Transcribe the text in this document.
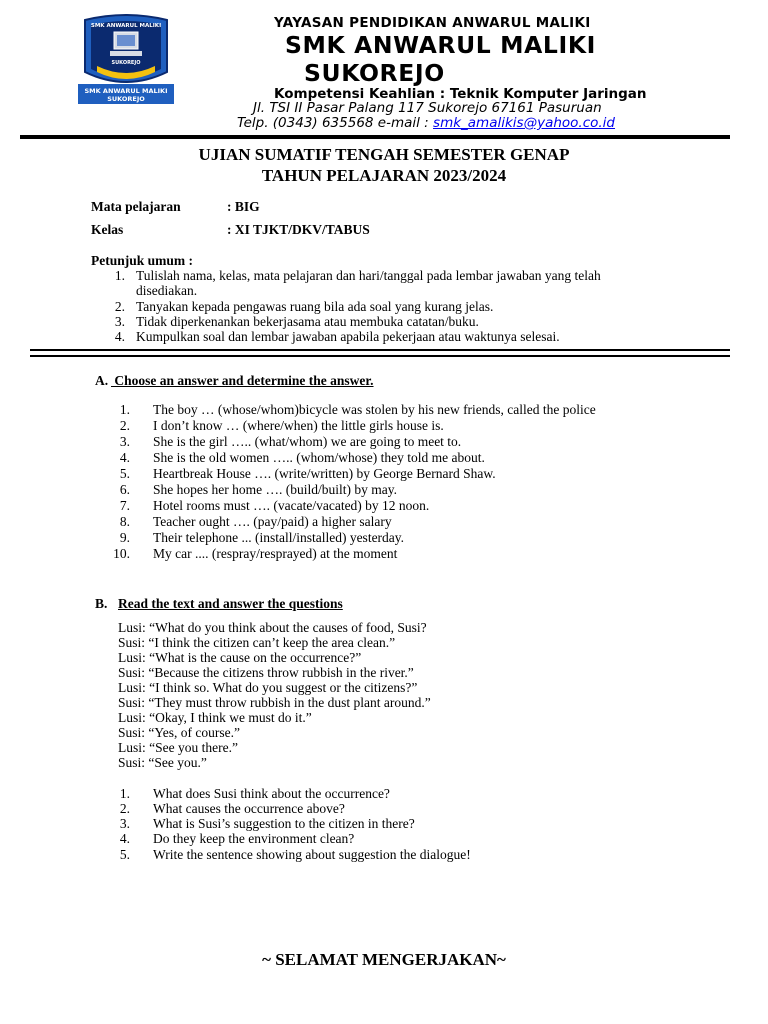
SUKOREJO
SMK ANWARUL MALIKI
SMK ANWARUL MALIKI
SUKOREJO
YAYASAN PENDIDIKAN ANWARUL MALIKI
SMK ANWARUL MALIKI
SUKOREJO
Kompetensi Keahlian : Teknik Komputer Jaringan
Jl. TSI II Pasar Palang 117 Sukorejo 67161 Pasuruan
Telp. (0343) 635568 e-mail : smk_amalikis@yahoo.co.id
UJIAN SUMATIF TENGAH SEMESTER GENAP
TAHUN PELAJARAN 2023/2024
Mata pelajaran	: BIG
Kelas	: XI TJKT/DKV/TABUS
Petunjuk umum :
1. Tulislah nama, kelas, mata pelajaran dan hari/tanggal pada lembar jawaban yang telah
disediakan.
2. Tanyakan kepada pengawas ruang bila ada soal yang kurang jelas.
3. Tidak diperkenankan bekerjasama atau membuka catatan/buku.
4. Kumpulkan soal dan lembar jawaban apabila pekerjaan atau waktunya selesai.
A. Choose an answer and determine the answer.
1. The boy … (whose/whom)bicycle was stolen by his new friends, called the police
2. I don’t know … (where/when) the little girls house is.
3. She is the girl ….. (what/whom) we are going to meet to.
4. She is the old women ….. (whom/whose) they told me about.
5. Heartbreak House …. (write/written) by George Bernard Shaw.
6. She hopes her home …. (build/built) by may.
7. Hotel rooms must …. (vacate/vacated) by 12 noon.
8. Teacher ought …. (pay/paid) a higher salary
9. Their telephone ... (install/installed) yesterday.
10. My car .... (respray/resprayed) at the moment
B. Read the text and answer the questions
Lusi: “What do you think about the causes of food, Susi?
Susi: “I think the citizen can’t keep the area clean.”
Lusi: “What is the cause on the occurrence?”
Susi: “Because the citizens throw rubbish in the river.”
Lusi: “I think so. What do you suggest or the citizens?”
Susi: “They must throw rubbish in the dust plant around.”
Lusi: “Okay, I think we must do it.”
Susi: “Yes, of course.”
Lusi: “See you there.”
Susi: “See you.”
1. What does Susi think about the occurrence?
2. What causes the occurrence above?
3. What is Susi’s suggestion to the citizen in there?
4. Do they keep the environment clean?
5. Write the sentence showing about suggestion the dialogue!
~ SELAMAT MENGERJAKAN~
